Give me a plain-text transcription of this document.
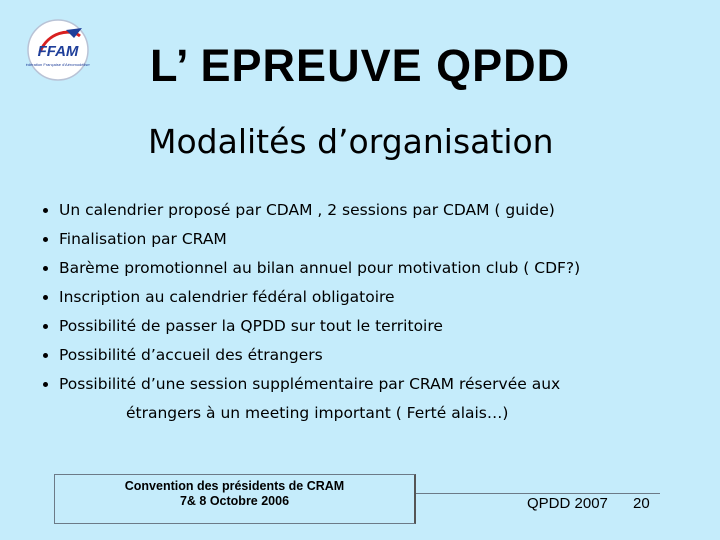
FFAM
Fédération Française d'Aéromodélisme L’ EPREUVE QPDD
Modalités d’organisation
Un calendrier proposé par CDAM , 2 sessions par CDAM ( guide)
Finalisation par CRAM
Barème promotionnel au bilan annuel pour motivation club ( CDF?)
Inscription au calendrier fédéral obligatoire
Possibilité de passer la QPDD sur tout le territoire
Possibilité d’accueil des étrangers
Possibilité d’une session supplémentaire par CRAM réservée aux
étrangers à un meeting important ( Ferté alais…)
Convention des présidents de CRAM
7& 8 Octobre 2006	QPDD 2007 20
